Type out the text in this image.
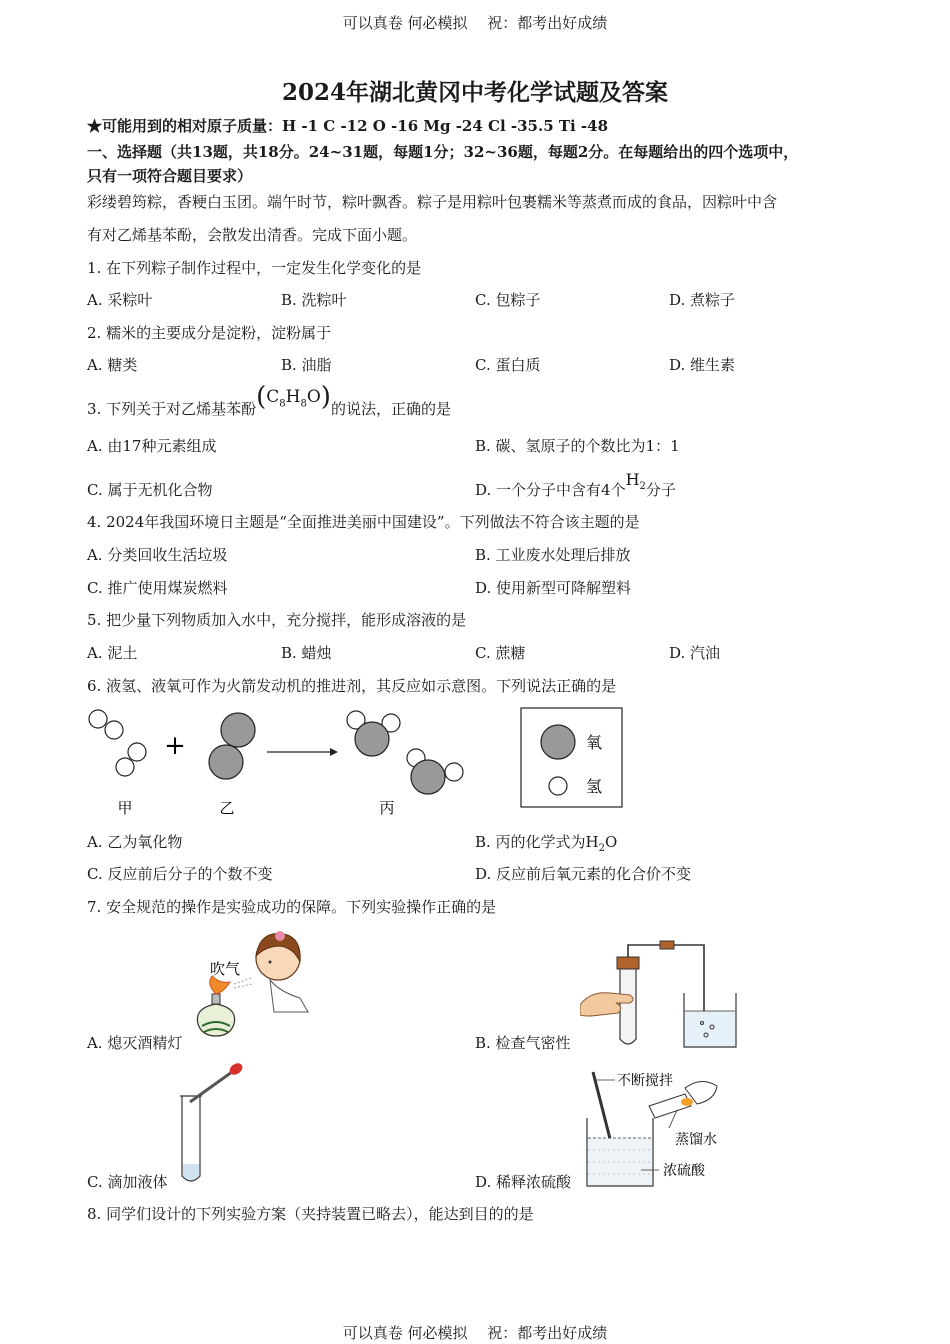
可以真卷 何必模拟　 祝：都考出好成绩
2024年湖北黄冈中考化学试题及答案
★可能用到的相对原子质量：H -1 C -12 O -16 Mg -24 Cl -35.5 Ti -48
一、选择题（共13题，共18分。24~31题，每题1分；32~36题，每题2分。在每题给出的四个选项中，
只有一项符合题目要求）
彩缕碧筠粽，香粳白玉团。端午时节，粽叶飘香。粽子是用粽叶包裹糯米等蒸煮而成的食品，因粽叶中含
有对乙烯基苯酚，会散发出清香。完成下面小题。
1. 在下列粽子制作过程中，一定发生化学变化的是
A. 采粽叶	B. 洗粽叶	C. 包粽子	D. 煮粽子
2. 糯米的主要成分是淀粉，淀粉属于
A. 糖类	B. 油脂	C. 蛋白质	D. 维生素
3. 下列关于对乙烯基苯酚$(C_8H_8O)$的说法，正确的是
A. 由17种元素组成	B. 碳、氢原子的个数比为1：1
C. 属于无机化合物	D. 一个分子中含有4个$H_2$分子
4. 2024年我国环境日主题是“全面推进美丽中国建设”。下列做法不符合该主题的是
A. 分类回收生活垃圾	B. 工业废水处理后排放
C. 推广使用煤炭燃料	D. 使用新型可降解塑料
5. 把少量下列物质加入水中，充分搅拌，能形成溶液的是
A. 泥土	B. 蜡烛	C. 蔗糖	D. 汽油
6. 液氢、液氧可作为火箭发动机的推进剂，其反应如示意图。下列说法正确的是
+
甲	乙	丙
氧
氢
A. 乙为氧化物	B. 丙的化学式为$H_2O$
C. 反应前后分子的个数不变	D. 反应前后氧元素的化合价不变
7. 安全规范的操作是实验成功的保障。下列实验操作正确的是
吹气
A. 熄灭酒精灯	B. 检查气密性
C. 滴加液体
不断搅拌
蒸馏水
浓硫酸
D. 稀释浓硫酸
8. 同学们设计的下列实验方案（夹持装置已略去），能达到目的的是
可以真卷 何必模拟　 祝：都考出好成绩
